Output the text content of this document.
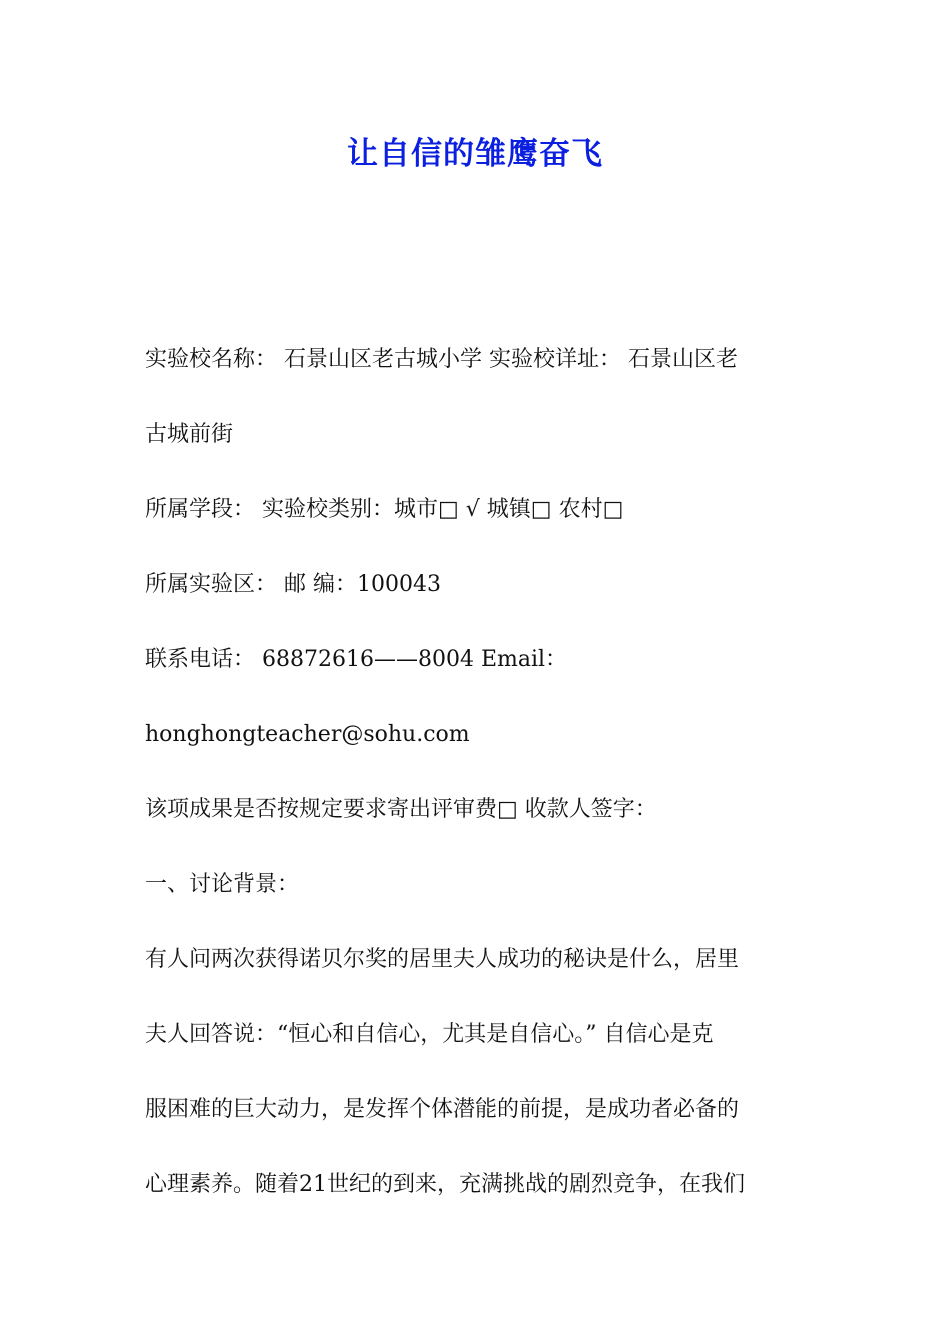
让自信的雏鹰奋飞
实验校名称： 石景山区老古城小学 实验校详址： 石景山区老
古城前街
所属学段： 实验校类别：城市□ √ 城镇□ 农村□
所属实验区： 邮 编：100043
联系电话： 68872616——8004 Email：
honghongteacher@sohu.com
该项成果是否按规定要求寄出评审费□ 收款人签字：
一、讨论背景：
有人问两次获得诺贝尔奖的居里夫人成功的秘诀是什么，居里
夫人回答说：“恒心和自信心，尤其是自信心。” 自信心是克
服困难的巨大动力，是发挥个体潜能的前提，是成功者必备的
心理素养。随着21世纪的到来，充满挑战的剧烈竞争，在我们
